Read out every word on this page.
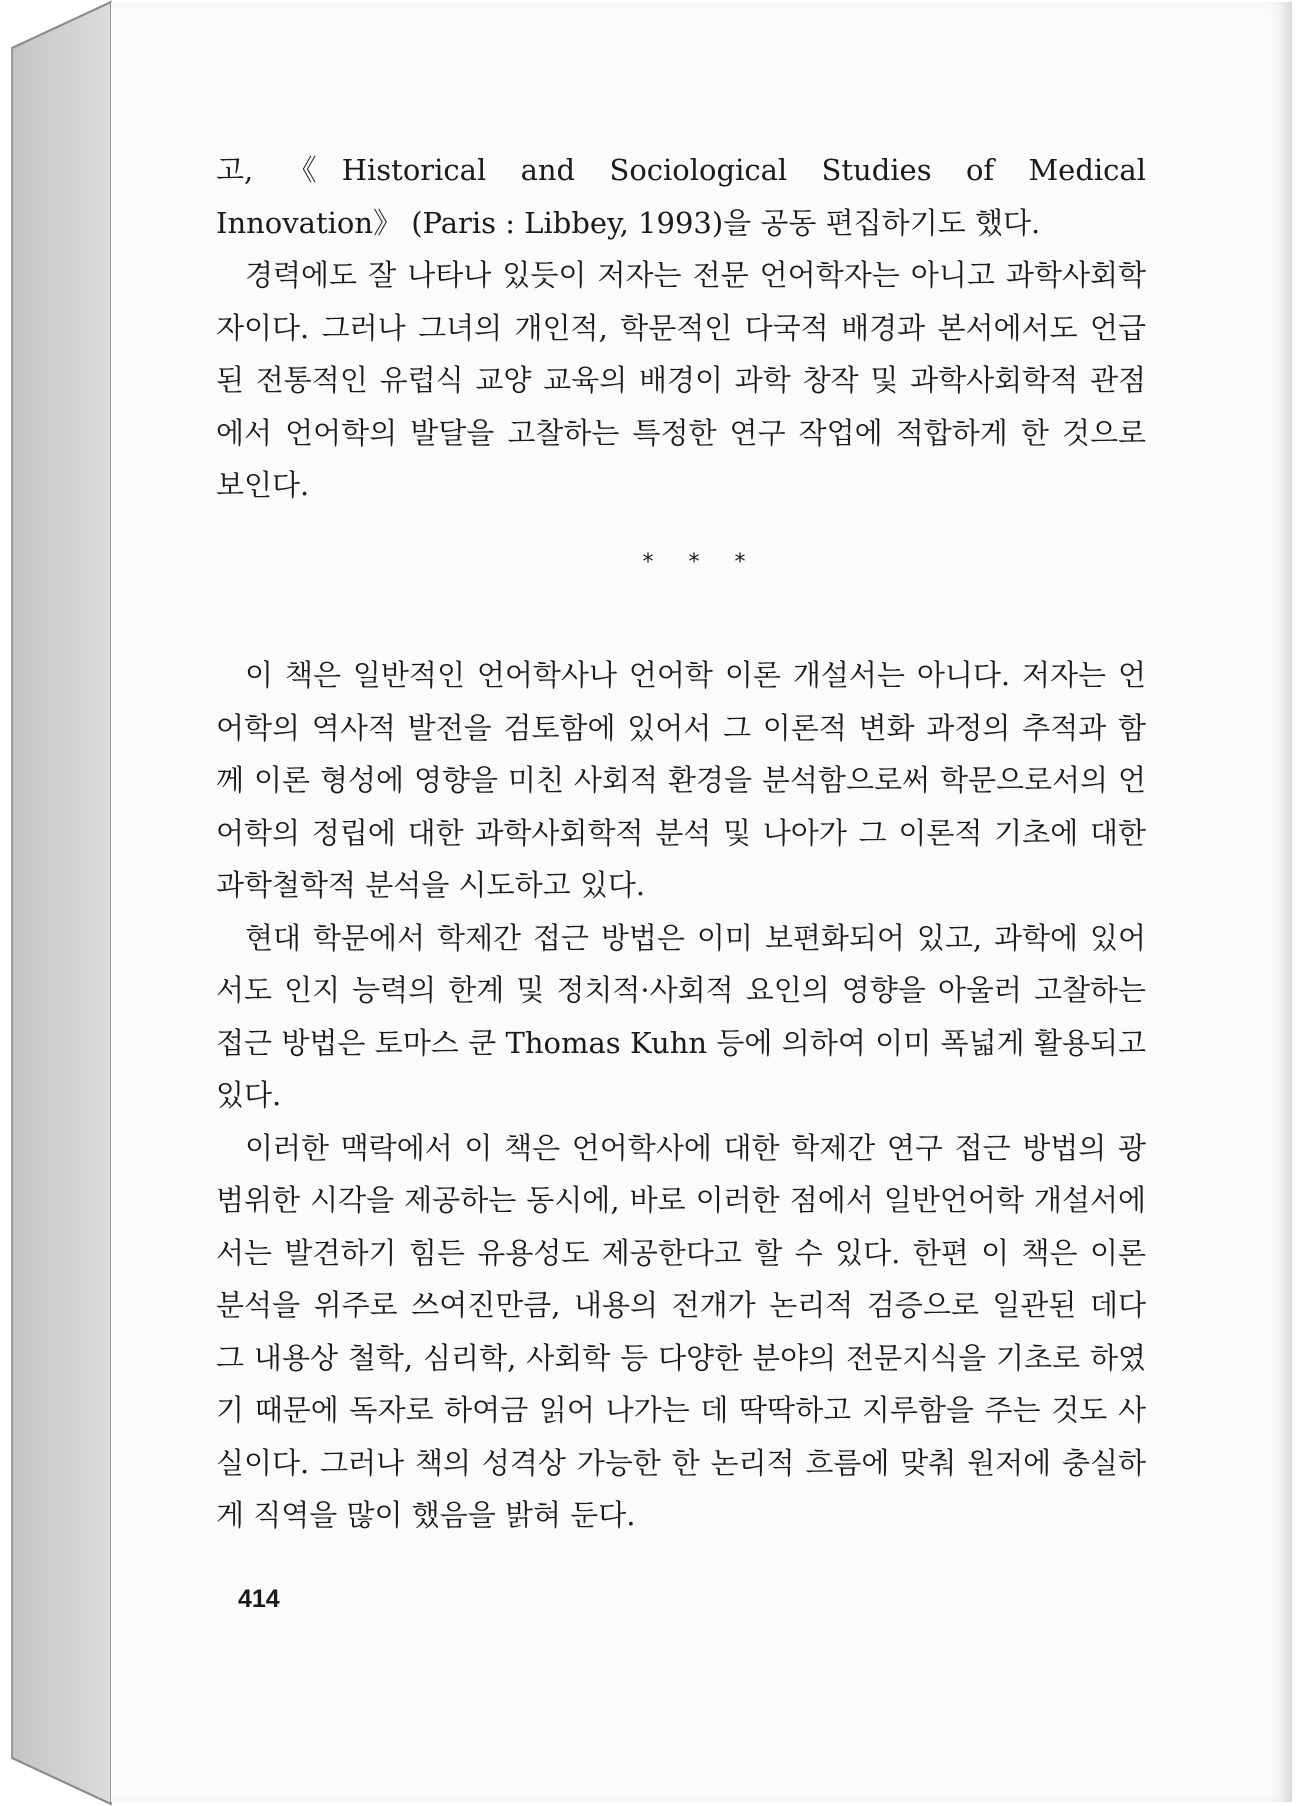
고, 《Historical and Sociological Studies of Medical Innovation》 (Paris : Libbey, 1993)을 공동 편집하기도 했다.

경력에도 잘 나타나 있듯이 저자는 전문 언어학자는 아니고 과학사회학자이다. 그러나 그녀의 개인적, 학문적인 다국적 배경과 본서에서도 언급된 전통적인 유럽식 교양 교육의 배경이 과학 창작 및 과학사회학적 관점에서 언어학의 발달을 고찰하는 특정한 연구 작업에 적합하게 한 것으로 보인다.

* * *

이 책은 일반적인 언어학사나 언어학 이론 개설서는 아니다. 저자는 언어학의 역사적 발전을 검토함에 있어서 그 이론적 변화 과정의 추적과 함께 이론 형성에 영향을 미친 사회적 환경을 분석함으로써 학문으로서의 언어학의 정립에 대한 과학사회학적 분석 및 나아가 그 이론적 기초에 대한 과학철학적 분석을 시도하고 있다.

현대 학문에서 학제간 접근 방법은 이미 보편화되어 있고, 과학에 있어서도 인지 능력의 한계 및 정치적·사회적 요인의 영향을 아울러 고찰하는 접근 방법은 토마스 쿤 Thomas Kuhn 등에 의하여 이미 폭넓게 활용되고 있다.

이러한 맥락에서 이 책은 언어학사에 대한 학제간 연구 접근 방법의 광범위한 시각을 제공하는 동시에, 바로 이러한 점에서 일반언어학 개설서에서는 발견하기 힘든 유용성도 제공한다고 할 수 있다. 한편 이 책은 이론 분석을 위주로 쓰여진만큼, 내용의 전개가 논리적 검증으로 일관된 데다 그 내용상 철학, 심리학, 사회학 등 다양한 분야의 전문지식을 기초로 하였기 때문에 독자로 하여금 읽어 나가는 데 딱딱하고 지루함을 주는 것도 사실이다. 그러나 책의 성격상 가능한 한 논리적 흐름에 맞춰 원저에 충실하게 직역을 많이 했음을 밝혀 둔다.

414
